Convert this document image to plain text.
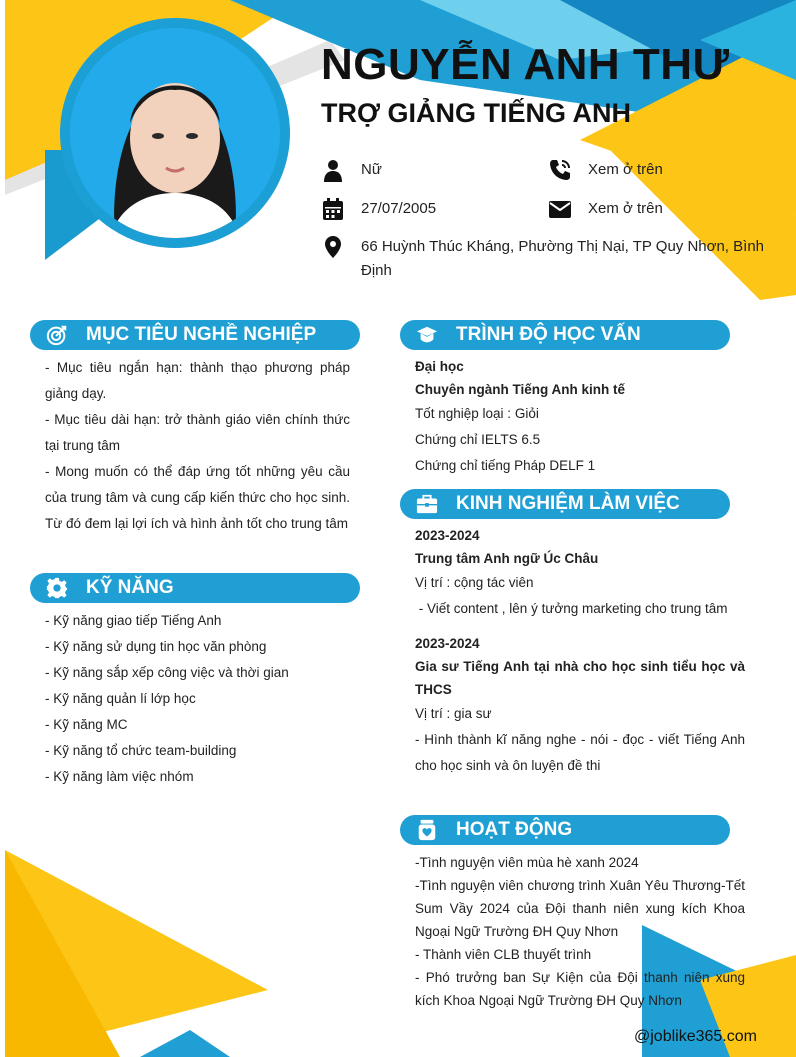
NGUYỄN ANH THƯ
TRỢ GIẢNG TIẾNG ANH
Nữ	Xem ở trên
27/07/2005	Xem ở trên
66 Huỳnh Thúc Kháng, Phường Thị Nại, TP Quy Nhơn, Bình Định
MỤC TIÊU NGHỀ NGHIỆP

- Mục tiêu ngắn hạn: thành thạo phương pháp giảng dạy.

- Mục tiêu dài hạn: trở thành giáo viên chính thức tại trung tâm

- Mong muốn có thể đáp ứng tốt những yêu cầu của trung tâm và cung cấp kiến thức cho học sinh. Từ đó đem lại lợi ích và hình ảnh tốt cho trung tâm

KỸ NĂNG

- Kỹ năng giao tiếp Tiếng Anh

- Kỹ năng sử dụng tin học văn phòng

- Kỹ năng sắp xếp công việc và thời gian

- Kỹ năng quản lí lớp học

- Kỹ năng MC

- Kỹ năng tổ chức team-building

- Kỹ năng làm việc nhóm

TRÌNH ĐỘ HỌC VẤN

Đại học

Chuyên ngành Tiếng Anh kinh tế

Tốt nghiệp loại : Giỏi

Chứng chỉ IELTS 6.5

Chứng chỉ tiếng Pháp DELF 1

KINH NGHIỆM LÀM VIỆC

2023-2024

Trung tâm Anh ngữ Úc Châu

Vị trí : cộng tác viên

- Viết content , lên ý tưởng marketing cho trung tâm

2023-2024

Gia sư Tiếng Anh tại nhà cho học sinh tiểu học và THCS

Vị trí : gia sư

- Hình thành kĩ năng nghe - nói - đọc - viết Tiếng Anh cho học sinh và ôn luyện đề thi

HOẠT ĐỘNG

-Tình nguyện viên mùa hè xanh 2024

-Tình nguyện viên chương trình Xuân Yêu Thương-Tết Sum Vầy 2024 của Đội thanh niên xung kích Khoa Ngoại Ngữ Trường ĐH Quy Nhơn

- Thành viên CLB thuyết trình

- Phó trưởng ban Sự Kiện của Đội thanh niên xung kích Khoa Ngoại Ngữ Trường ĐH Quy Nhơn

@joblike365.com
